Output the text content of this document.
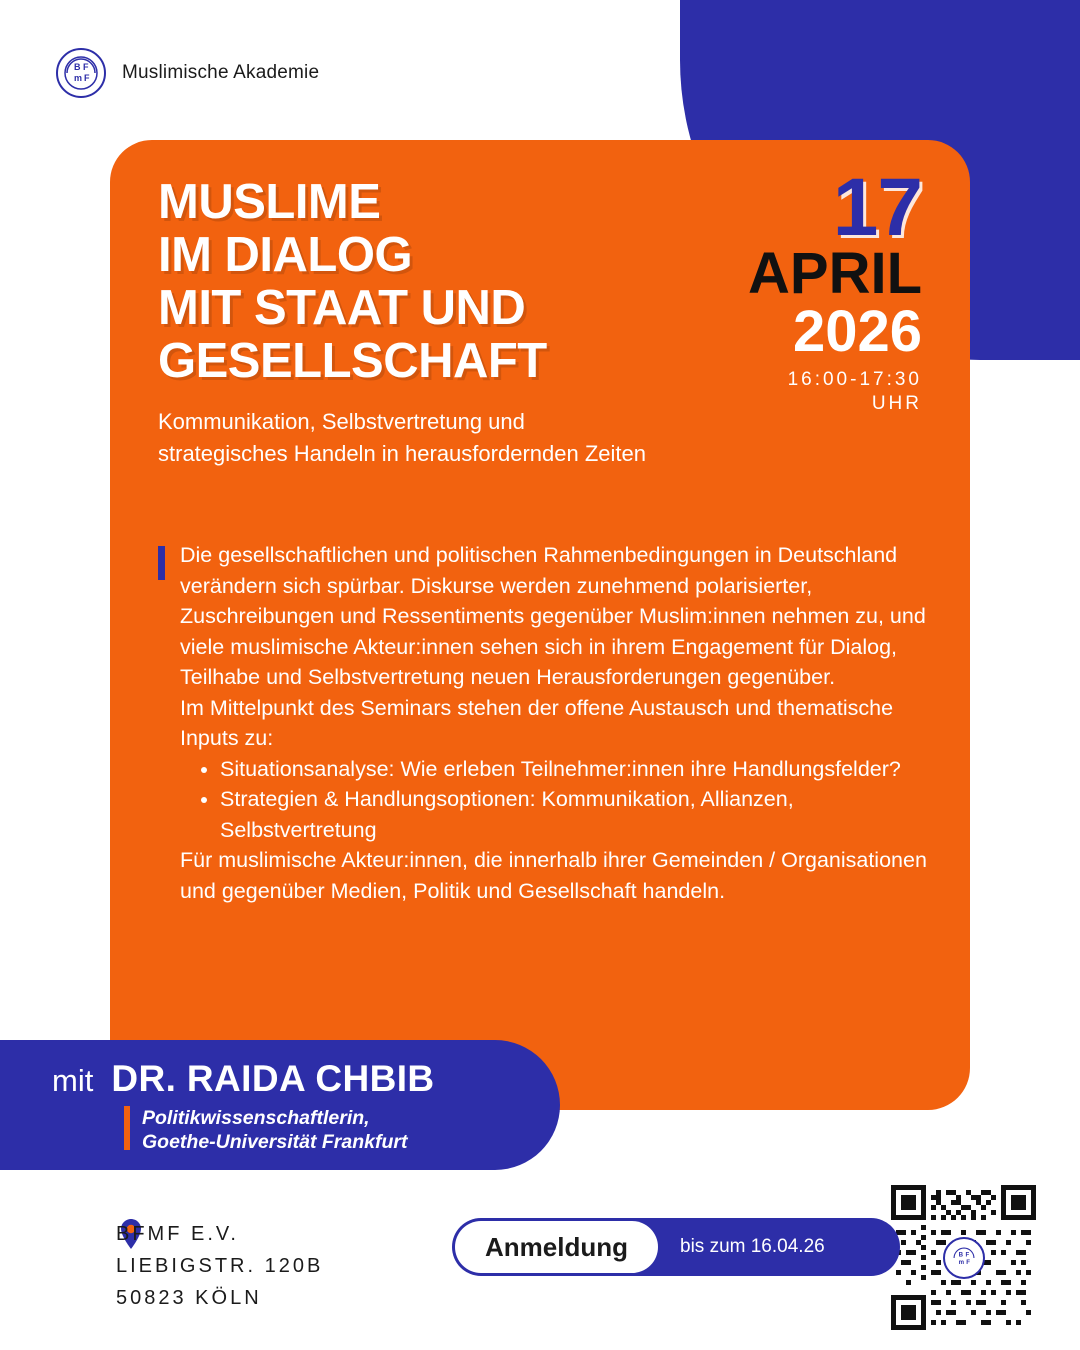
B F
m F Muslimische Akademie
MUSLIME
IM DIALOG
MIT STAAT UND
GESELLSCHAFT
Kommunikation, Selbstvertretung und
strategisches Handeln in herausfordernden Zeiten
17
APRIL
2026
16:00-17:30
UHR

Die gesellschaftlichen und politischen Rahmenbedingungen in Deutschland verändern sich spürbar. Diskurse werden zunehmend polarisierter, Zuschreibungen und Ressentiments gegenüber Muslim:innen nehmen zu, und viele muslimische Akteur:innen sehen sich in ihrem Engagement für Dialog, Teilhabe und Selbstvertretung neuen Herausforderungen gegenüber.

Im Mittelpunkt des Seminars stehen der offene Austausch und thematische Inputs zu:

• Situationsanalyse: Wie erleben Teilnehmer:innen ihre Handlungsfelder?
• Strategien & Handlungsoptionen: Kommunikation, Allianzen, Selbstvertretung

Für muslimische Akteur:innen, die innerhalb ihrer Gemeinden / Organisationen und gegenüber Medien, Politik und Gesellschaft handeln.

mit DR. RAIDA CHBIB
Politikwissenschaftlerin,
Goethe-Universität Frankfurt
BFMF E.V.
LIEBIGSTR. 120B
50823 KÖLN
Anmeldung	bis zum 16.04.26	B F
m F
